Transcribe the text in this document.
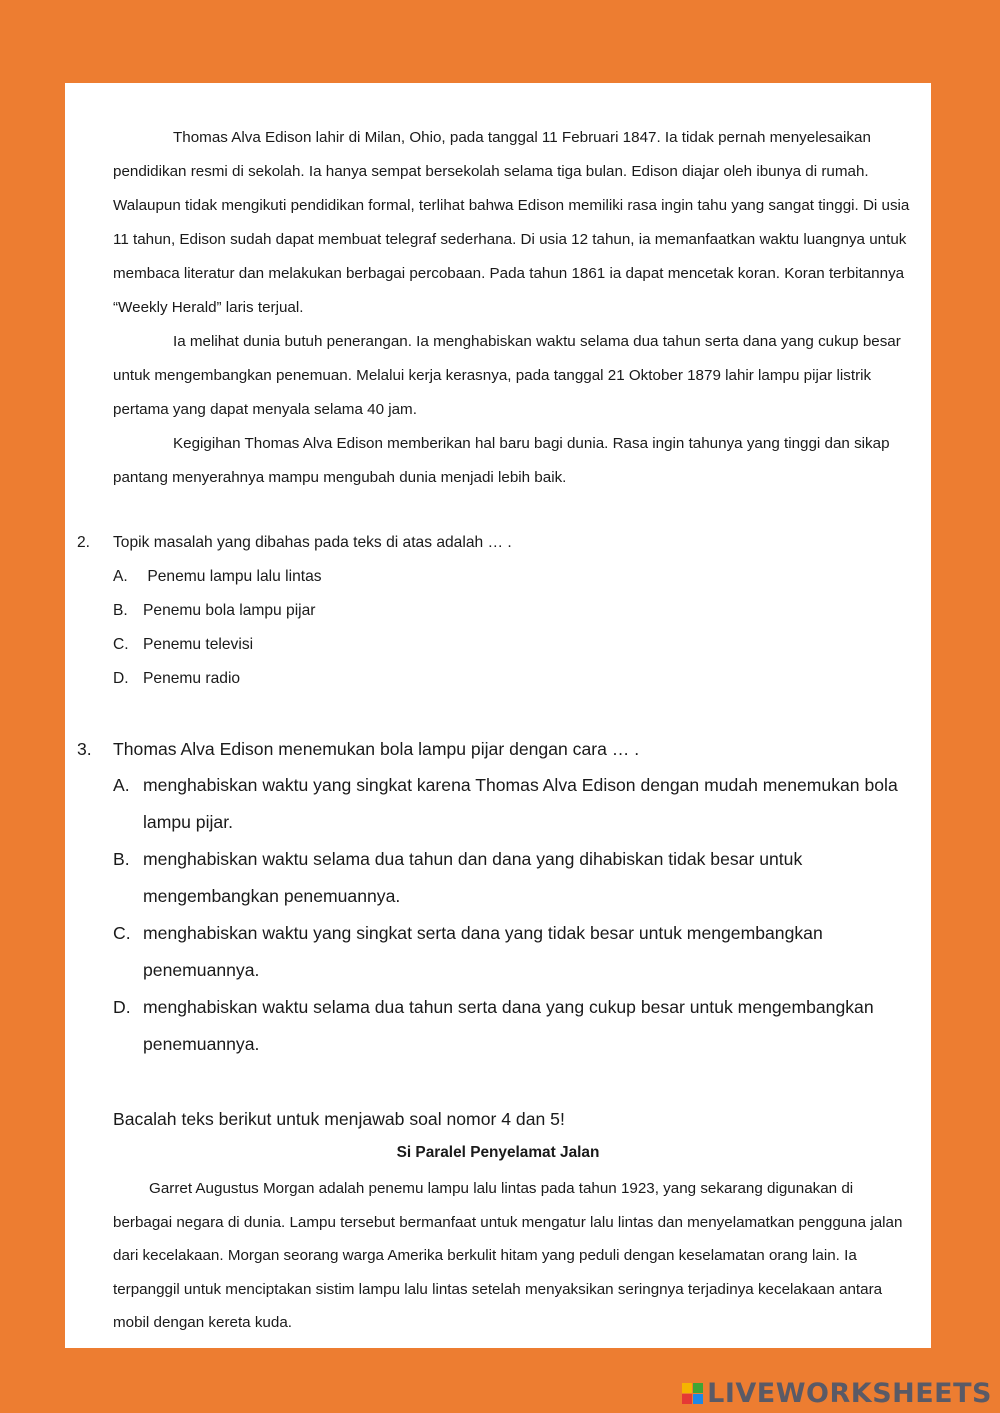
Thomas Alva Edison lahir di Milan, Ohio, pada tanggal 11 Februari 1847. Ia tidak pernah menyelesaikan pendidikan resmi di sekolah. Ia hanya sempat bersekolah selama tiga bulan. Edison diajar oleh ibunya di rumah. Walaupun tidak mengikuti pendidikan formal, terlihat bahwa Edison memiliki rasa ingin tahu yang sangat tinggi. Di usia 11 tahun, Edison sudah dapat membuat telegraf sederhana. Di usia 12 tahun, ia memanfaatkan waktu luangnya untuk membaca literatur dan melakukan berbagai percobaan. Pada tahun 1861 ia dapat mencetak koran. Koran terbitannya “Weekly Herald” laris terjual.
Ia melihat dunia butuh penerangan. Ia menghabiskan waktu selama dua tahun serta dana yang cukup besar untuk mengembangkan penemuan. Melalui kerja kerasnya, pada tanggal 21 Oktober 1879 lahir lampu pijar listrik pertama yang dapat menyala selama 40 jam.
Kegigihan Thomas Alva Edison memberikan hal baru bagi dunia. Rasa ingin tahunya yang tinggi dan sikap pantang menyerahnya mampu mengubah dunia menjadi lebih baik.

2.	Topik masalah yang dibahas pada teks di atas adalah … .
A. Penemu lampu lalu lintas
B. Penemu bola lampu pijar
C. Penemu televisi
D. Penemu radio
3.	Thomas Alva Edison menemukan bola lampu pijar dengan cara … .
A. menghabiskan waktu yang singkat karena Thomas Alva Edison dengan mudah menemukan bola lampu pijar.
B. menghabiskan waktu selama dua tahun dan dana yang dihabiskan tidak besar untuk mengembangkan penemuannya.
C. menghabiskan waktu yang singkat serta dana yang tidak besar untuk mengembangkan penemuannya.
D. menghabiskan waktu selama dua tahun serta dana yang cukup besar untuk mengembangkan penemuannya.
Bacalah teks berikut untuk menjawab soal nomor 4 dan 5!
Si Paralel Penyelamat Jalan

Garret Augustus Morgan adalah penemu lampu lalu lintas pada tahun 1923, yang sekarang digunakan di berbagai negara di dunia. Lampu tersebut bermanfaat untuk mengatur lalu lintas dan menyelamatkan pengguna jalan dari kecelakaan. Morgan seorang warga Amerika berkulit hitam yang peduli dengan keselamatan orang lain. Ia terpanggil untuk menciptakan sistim lampu lalu lintas setelah menyaksikan seringnya terjadinya kecelakaan antara mobil dengan kereta kuda.

LIVEWORKSHEETS
